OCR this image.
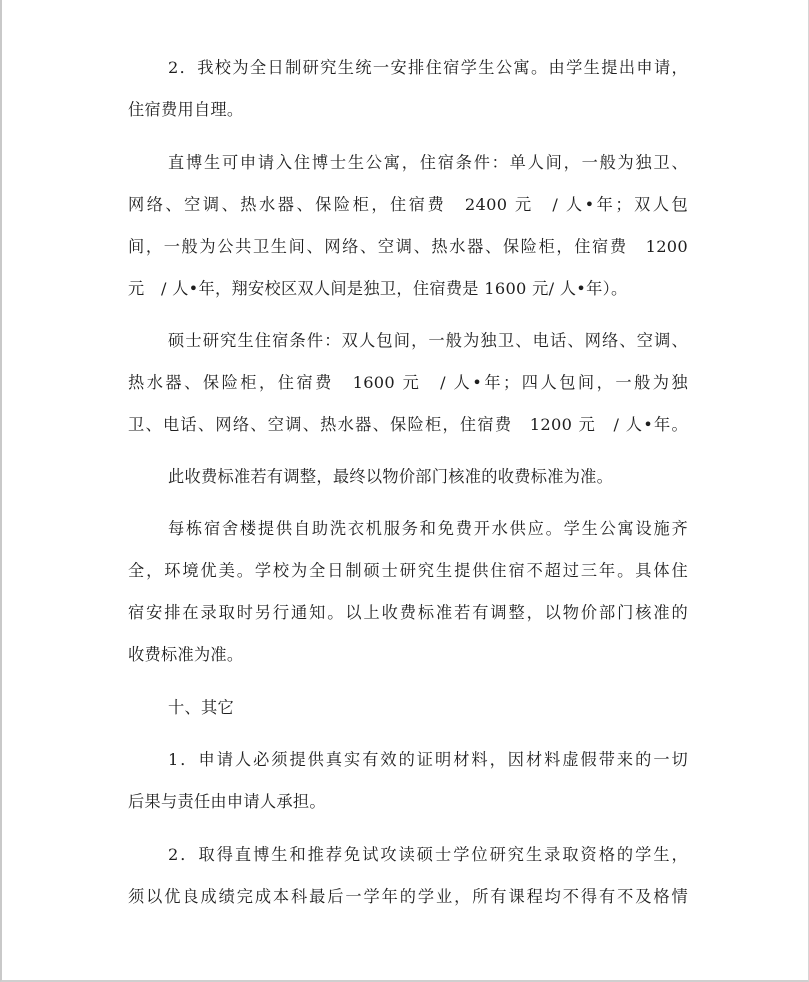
2．我校为全日制研究生统一安排住宿学生公寓。由学生提出申请，
住宿费用自理。
直博生可申请入住博士生公寓，住宿条件：单人间，一般为独卫、
网络、空调、热水器、保险柜，住宿费　2400 元　/ 人•年；双人包
间，一般为公共卫生间、网络、空调、热水器、保险柜，住宿费　1200
元　/ 人•年，翔安校区双人间是独卫，住宿费是 1600 元/ 人•年）。
硕士研究生住宿条件：双人包间，一般为独卫、电话、网络、空调、
热水器、保险柜，住宿费　1600 元　/ 人•年；四人包间，一般为独
卫、电话、网络、空调、热水器、保险柜，住宿费　1200 元　/ 人•年。
此收费标准若有调整，最终以物价部门核准的收费标准为准。
每栋宿舍楼提供自助洗衣机服务和免费开水供应。学生公寓设施齐
全，环境优美。学校为全日制硕士研究生提供住宿不超过三年。具体住
宿安排在录取时另行通知。以上收费标准若有调整，以物价部门核准的
收费标准为准。
十、其它
1．申请人必须提供真实有效的证明材料，因材料虚假带来的一切
后果与责任由申请人承担。
2．取得直博生和推荐免试攻读硕士学位研究生录取资格的学生，
须以优良成绩完成本科最后一学年的学业，所有课程均不得有不及格情
